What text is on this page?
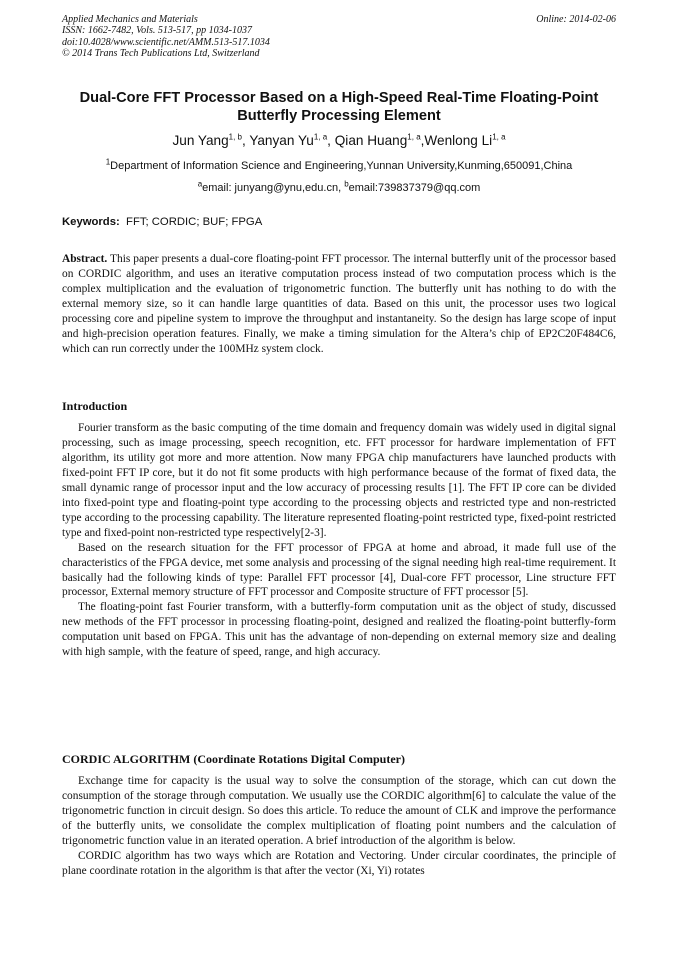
Applied Mechanics and Materials
ISSN: 1662-7482, Vols. 513-517, pp 1034-1037
doi:10.4028/www.scientific.net/AMM.513-517.1034
© 2014 Trans Tech Publications Ltd, Switzerland
Online: 2014-02-06
Dual-Core FFT Processor Based on a High-Speed Real-Time Floating-Point Butterfly Processing Element
Jun Yang$^{1, b}$, Yanyan Yu$^{1, a}$, Qian Huang$^{1, a}$,Wenlong Li$^{1, a}$
$^1$Department of Information Science and Engineering,Yunnan University,Kunming,650091,China
$^a$email: junyang@ynu,edu.cn, $^b$email:739837379@qq.com
Keywords: FFT; CORDIC; BUF; FPGA

Abstract. This paper presents a dual-core floating-point FFT processor. The internal butterfly unit of the processor based on CORDIC algorithm, and uses an iterative computation process instead of two computation process which is the complex multiplication and the evaluation of trigonometric function. The butterfly unit has nothing to do with the external memory size, so it can handle large quantities of data. Based on this unit, the processor uses two logical processing core and pipeline system to improve the throughput and instantaneity. So the design has large scope of input and high-precision operation features. Finally, we make a timing simulation for the Altera’s chip of EP2C20F484C6, which can run correctly under the 100MHz system clock.

Introduction

Fourier transform as the basic computing of the time domain and frequency domain was widely used in digital signal processing, such as image processing, speech recognition, etc. FFT processor for hardware implementation of FFT algorithm, its utility got more and more attention. Now many FPGA chip manufacturers have launched products with fixed-point FFT IP core, but it do not fit some products with high performance because of the format of fixed data, the small dynamic range of processor input and the low accuracy of processing results [1]. The FFT IP core can be divided into fixed-point type and floating-point type according to the processing objects and restricted type and non-restricted type according to the processing capability. The literature represented floating-point restricted type, fixed-point restricted type and fixed-point non-restricted type respectively[2-3].

Based on the research situation for the FFT processor of FPGA at home and abroad, it made full use of the characteristics of the FPGA device, met some analysis and processing of the signal needing high real-time requirement. It basically had the following kinds of type: Parallel FFT processor [4], Dual-core FFT processor, Line structure FFT processor, External memory structure of FFT processor and Composite structure of FFT processor [5].

The floating-point fast Fourier transform, with a butterfly-form computation unit as the object of study, discussed new methods of the FFT processor in processing floating-point, designed and realized the floating-point butterfly-form computation unit based on FPGA. This unit has the advantage of non-depending on external memory size and dealing with high sample, with the feature of speed, range, and high accuracy.

CORDIC ALGORITHM (Coordinate Rotations Digital Computer)

Exchange time for capacity is the usual way to solve the consumption of the storage, which can cut down the consumption of the storage through computation. We usually use the CORDIC algorithm[6] to calculate the value of the trigonometric function in circuit design. So does this article. To reduce the amount of CLK and improve the performance of the butterfly units, we consolidate the complex multiplication of floating point numbers and the calculation of trigonometric function value in an iterated operation. A brief introduction of the algorithm is below.

CORDIC algorithm has two ways which are Rotation and Vectoring. Under circular coordinates, the principle of plane coordinate rotation in the algorithm is that after the vector (Xi, Yi) rotates
